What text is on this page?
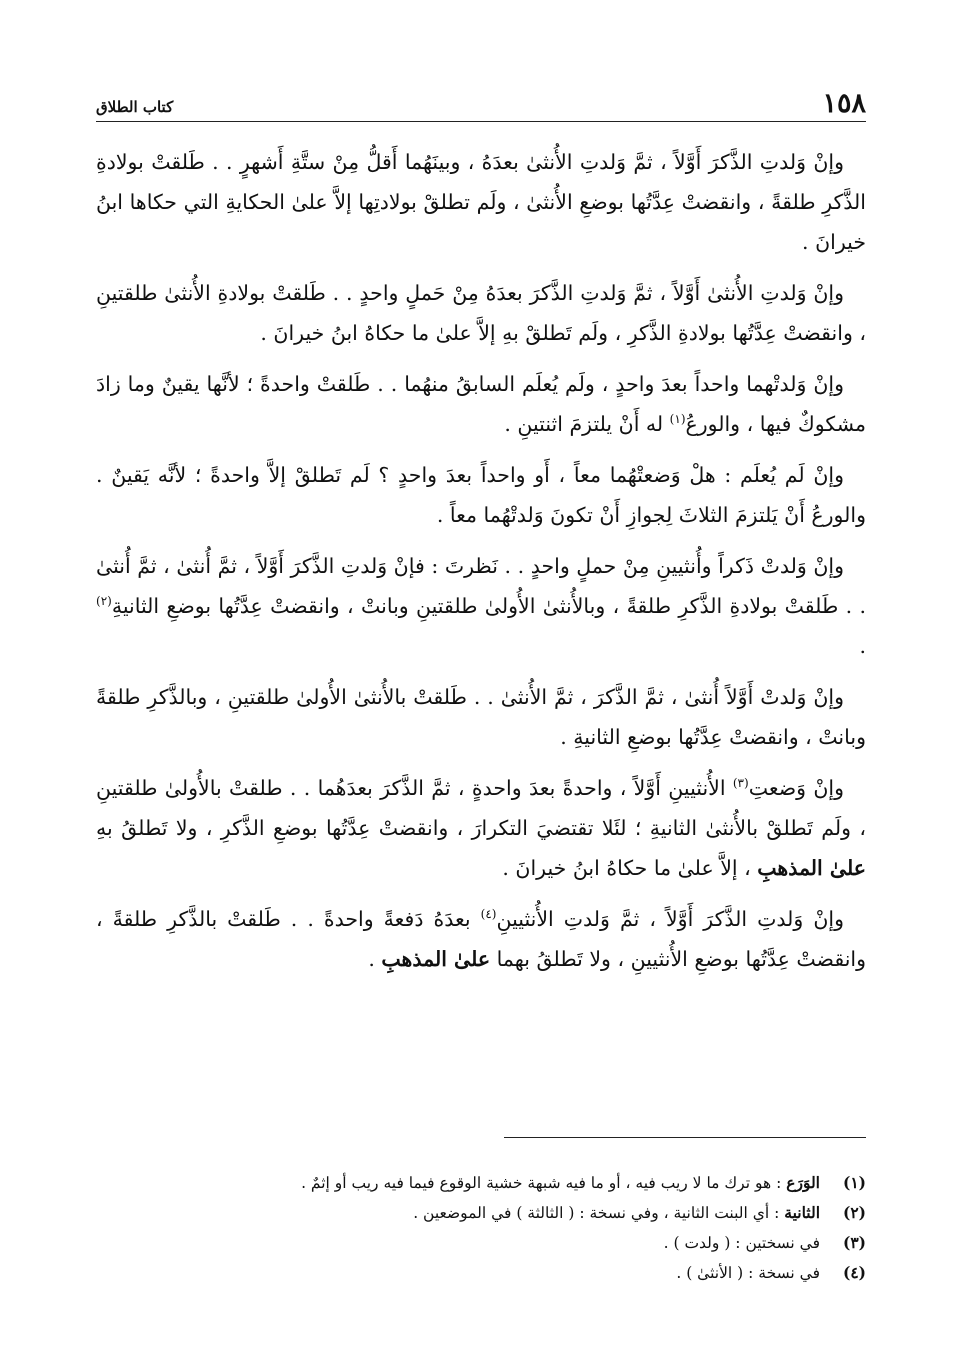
١٥٨
كتاب الطلاق

وإنْ وَلدتِ الذَّكرَ أَوَّلاً ، ثمَّ وَلدتِ الأُنثىٰ بعدَهُ ، وبينَهُما أَقلُّ مِنْ ستَّةِ أَشهرٍ . . طَلقتْ بولادةِ الذَّكرِ طلقةً ، وانقضتْ عِدَّتُها بوضعِ الأُنثىٰ ، ولَم تطلقْ بولادتِها إلاَّ علىٰ الحكايةِ التي حكاها ابنُ خيرانَ .

وإنْ وَلدتِ الأُنثىٰ أَوَّلاً ، ثمَّ وَلدتِ الذَّكرَ بعدَهُ مِنْ حَملٍ واحدٍ . . طَلقتْ بولادةِ الأُنثىٰ طلقتينِ ، وانقضتْ عِدَّتُها بولادةِ الذَّكرِ ، ولَم تَطلقْ بهِ إلاَّ علىٰ ما حكاهُ ابنُ خيرانَ .

وإنْ وَلدتْهما واحداً بعدَ واحدٍ ، ولَم يُعلَم السابقُ منهُما . . طَلقتْ واحدةً ؛ لأنَّها يقينٌ وما زادَ مشكوكٌ فيها ، والورعُ$^{(١)}$ له أَنْ يلتزمَ اثنتينِ .

وإنْ لَم يُعلَم : هلْ وَضعتْهُما معاً ، أَو واحداً بعدَ واحدٍ ؟ لَم تَطلقْ إلاَّ واحدةً ؛ لأنَّه يَقينٌ . والورعُ أَنْ يَلتزمَ الثلاثَ لِجوازِ أَنْ تكونَ وَلدتْهُما معاً .

وإنْ وَلدتْ ذَكراً وأُنثيينِ مِنْ حملٍ واحدٍ . . نَظرتَ : فإنْ وَلدتِ الذَّكرَ أَوَّلاً ، ثمَّ أُنثىٰ ، ثمَّ أُنثىٰ . . طَلقتْ بولادةِ الذَّكرِ طلقةً ، وبالأُنثىٰ الأُولىٰ طلقتينِ وبانتْ ، وانقضتْ عِدَّتُها بوضعِ الثانيةِ$^{(٢)}$ .

وإنْ وَلدتْ أَوَّلاً أُنثىٰ ، ثمَّ الذَّكرَ ، ثمَّ الأُنثىٰ . . طَلقتْ بالأُنثىٰ الأُولىٰ طلقتينِ ، وبالذَّكرِ طلقةً وبانتْ ، وانقضتْ عِدَّتُها بوضعِ الثانيةِ .

وإنْ وَضعتِ$^{(٣)}$ الأُنثيينِ أَوَّلاً ، واحدةً بعدَ واحدةٍ ، ثمَّ الذَّكرَ بعدَهُما . . طلقتْ بالأُولىٰ طلقتينِ ، ولَم تَطلقْ بالأُنثىٰ الثانيةِ ؛ لئَلا تقتضيَ التكرارَ ، وانقضتْ عِدَّتُها بوضعِ الذَّكرِ ، ولا تَطلقُ بهِ علىٰ المذهبِ ، إلاَّ علىٰ ما حكاهُ ابنُ خيرانَ .

وإنْ وَلدتِ الذَّكرَ أَوَّلاً ، ثمَّ وَلدتِ الأُنثيينِ$^{(٤)}$ بعدَهُ دَفعةً واحدةً . . طَلقتْ بالذَّكرِ طلقةً ، وانقضتْ عِدَّتُها بوضعِ الأُنثيينِ ، ولا تَطلقُ بهما علىٰ المذهبِ .

(١)
الوَرَع : هو ترك ما لا ريب فيه ، أو ما فيه شبهة خشية الوقوع فيما فيه ريب أو إثمٌ .
(٢)
الثانية : أي البنت الثانية ، وفي نسخة : ( الثالثة ) في الموضعين .
(٣)
في نسختين : ( ولدت ) .
(٤)
في نسخة : ( الأنثىٰ ) .
